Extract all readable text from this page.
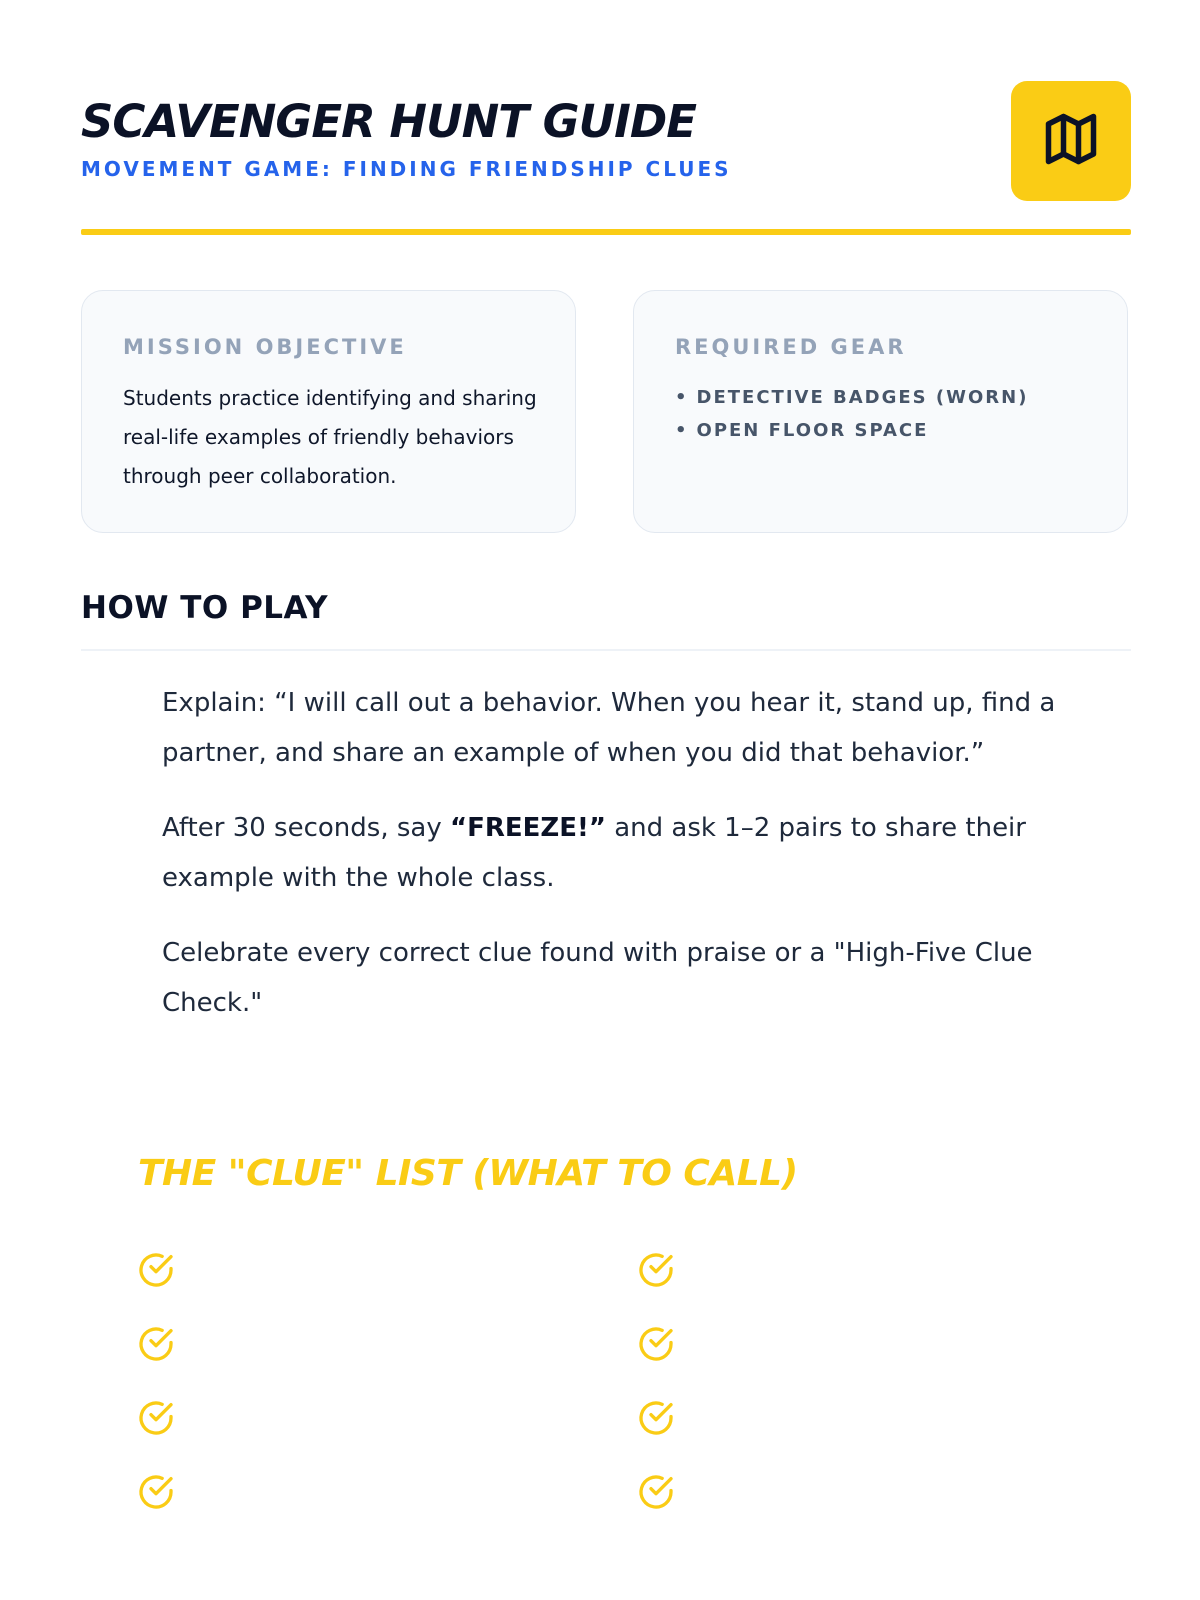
SCAVENGER HUNT GUIDE
MOVEMENT GAME: FINDING FRIENDSHIP CLUES
MISSION OBJECTIVE
Students practice identifying and sharing real-life examples of friendly behaviors through peer collaboration.
REQUIRED GEAR
• DETECTIVE BADGES (WORN)
• OPEN FLOOR SPACE
HOW TO PLAY

Explain: “I will call out a behavior. When you hear it, stand up, find a partner, and share an example of when you did that behavior.”

After 30 seconds, say “FREEZE!” and ask 1–2 pairs to share their example with the whole class.

Celebrate every correct clue found with praise or a "High-Five Clue Check."

THE "CLUE" LIST (WHAT TO CALL)
